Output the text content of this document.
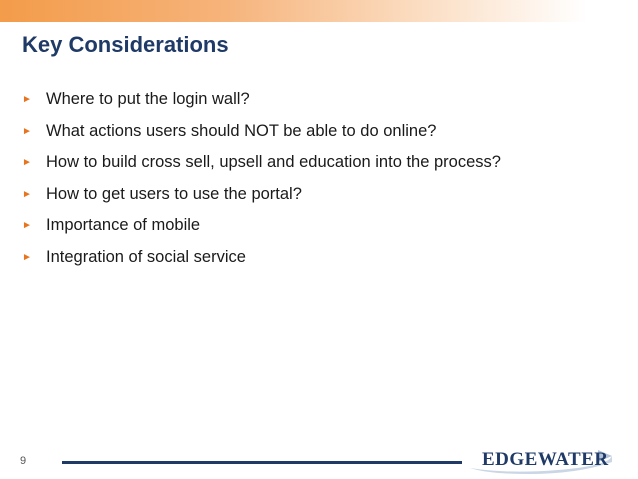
Key Considerations
► Where to put the login wall?
► What actions users should NOT be able to do online?
► How to build cross sell, upsell and education into the process?
► How to get users to use the portal?
► Importance of mobile
► Integration of social service
9	EDGEWATER
